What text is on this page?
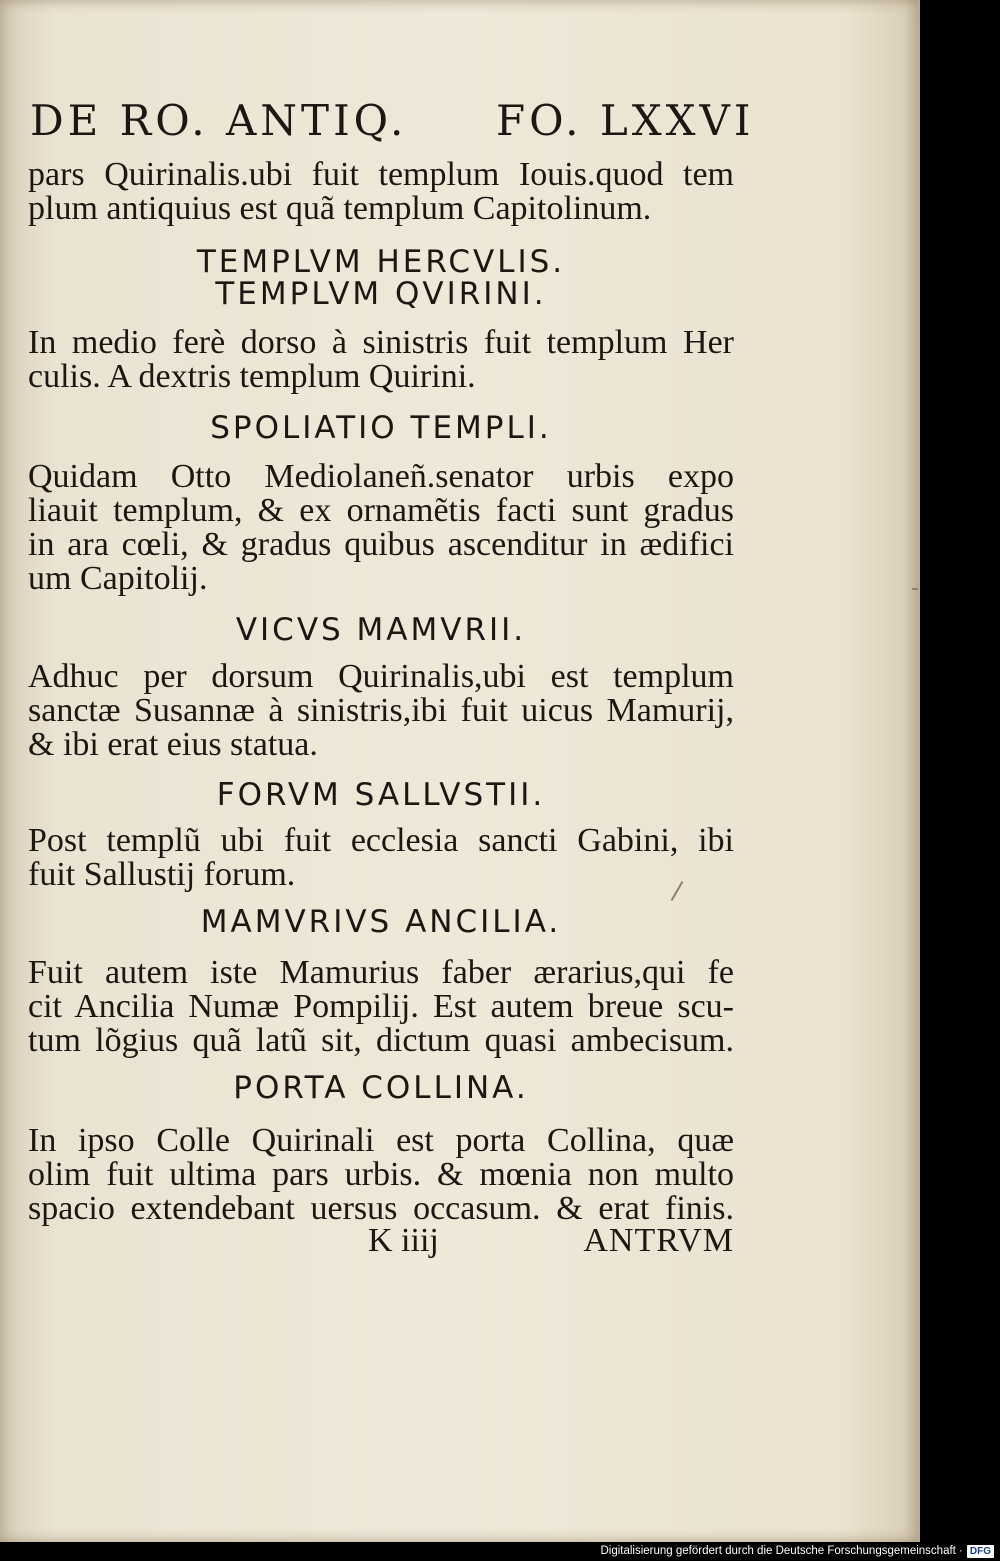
DE RO. ANTIQ. FO. LXXVI
pars Quirinalis.ubi fuit templum Iouis.quod tem
plum antiquius est quã templum Capitolinum.
TEMPLVM HERCVLIS.
TEMPLVM QVIRINI.
In medio ferè dorso à sinistris fuit templum Her
culis. A dextris templum Quirini.
SPOLIATIO TEMPLI.
Quidam Otto Mediolaneñ.senator urbis expo
liauit templum, & ex ornamẽtis facti sunt gradus
in ara cœli, & gradus quibus ascenditur in ædifici
um Capitolij.
VICVS MAMVRII.
Adhuc per dorsum Quirinalis,ubi est templum
sanctæ Susannæ à sinistris,ibi fuit uicus Mamurij,
& ibi erat eius statua.
FORVM SALLVSTII.
Post templũ ubi fuit ecclesia sancti Gabini, ibi
fuit Sallustij forum.
MAMVRIVS ANCILIA.
Fuit autem iste Mamurius faber ærarius,qui fe
cit Ancilia Numæ Pompilij. Est autem breue scu-
tum lõgius quã latũ sit, dictum quasi ambecisum.
PORTA COLLINA.
In ipso Colle Quirinali est porta Collina, quæ
olim fuit ultima pars urbis. & mœnia non multo
spacio extendebant uersus occasum. & erat finis.
K iiij	ANTRVM
Digitalisierung gefördert durch die Deutsche Forschungsgemeinschaft · DFG
